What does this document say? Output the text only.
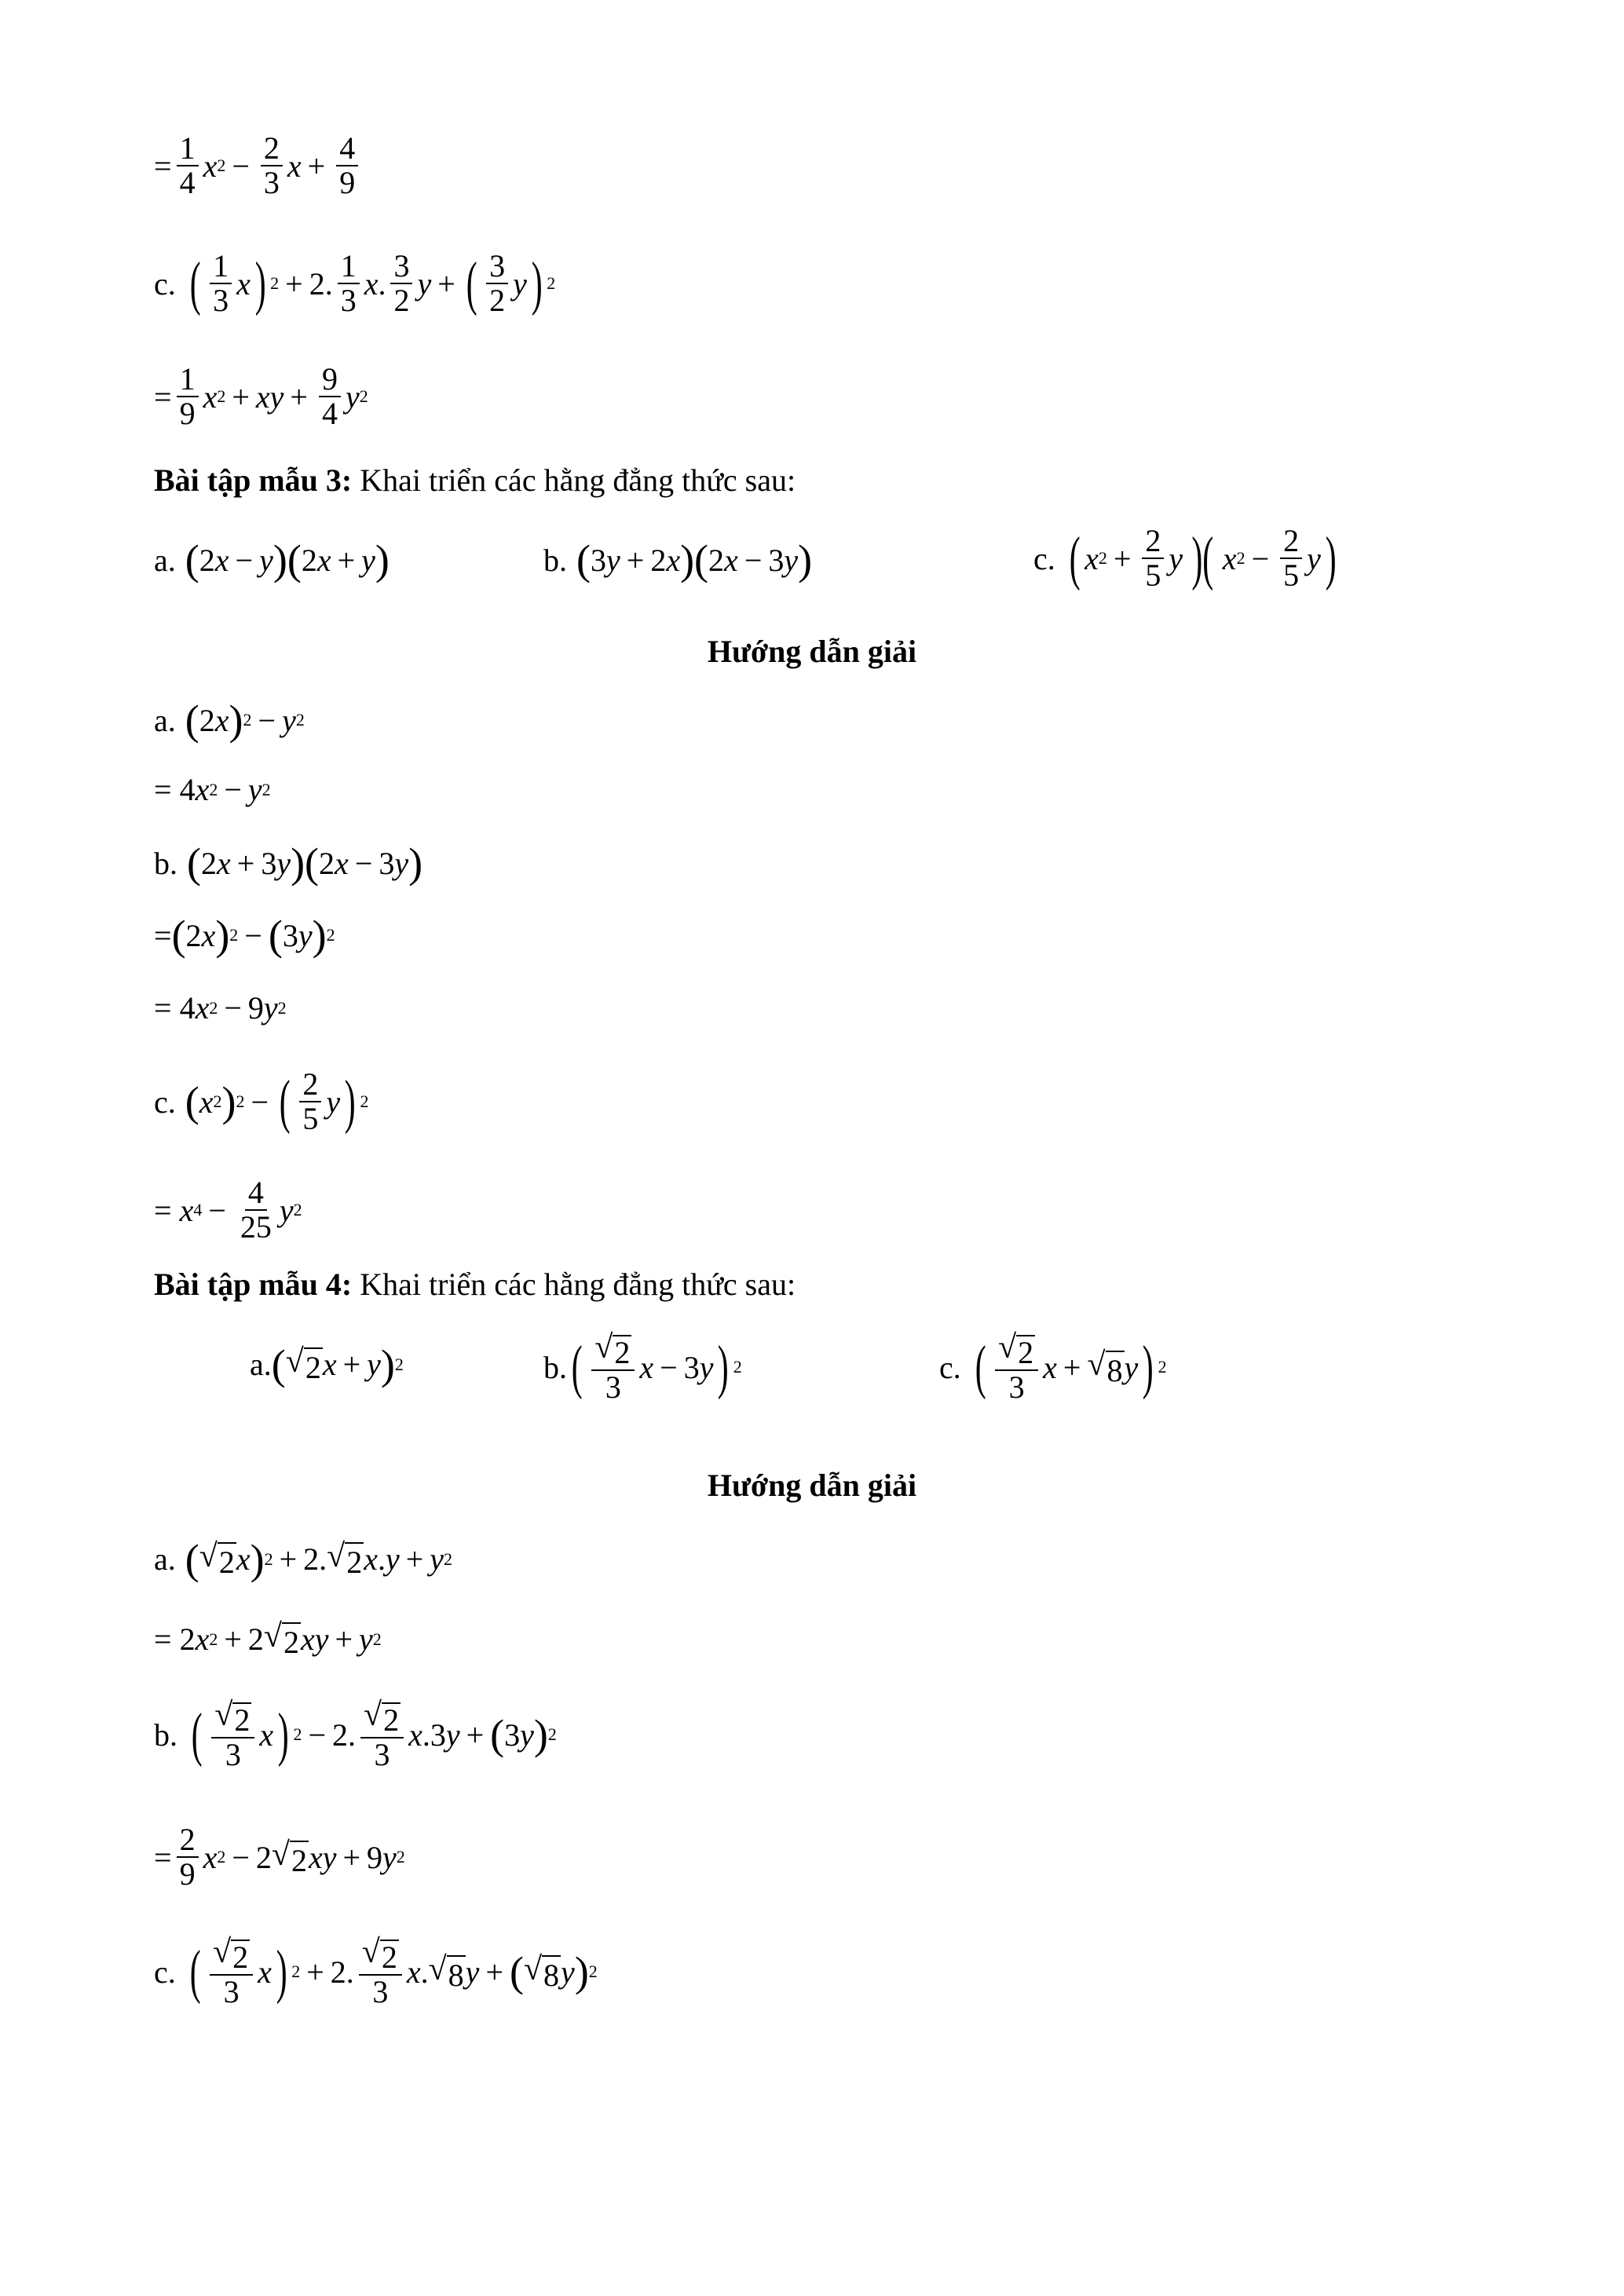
= $\frac{1}{4}$ x $2 - \frac{2}{3}$ $x + \frac{4}{9}$
c. ( $\frac{1}{3}$ x ) 2 + 2. $\frac{1}{3}$ x . $\frac{3}{2}$ y + ( $\frac{3}{2}$ y ) 2
= $\frac{1}{9}$ x 2 + xy + $\frac{9}{4}$ y 2
Bài tập mẫu 3:
Khai triển các hằng đẳng thức sau:
a. ( 2 x − y )( 2 x + y )	b. ( 3 y + 2 x )( 2 x − 3 y )	c. ( x $2 + \frac{2}{5}$ y )( x $2 - \frac{2}{5}$ y )
Hướng dẫn giải
a. ( 2 x ) 2 − y 2
= 4 x 2 − y 2
b. ( 2 x + 3 y )( 2 x − 3 y )
= ( 2 x ) 2 − ( 3 y ) 2
= 4 x 2 − 9 y 2
c. ( x 2 ) 2 − ( $\frac{2}{5}$ y ) 2
=
x $4 - \frac{4}{25}$ y 2
Bài tập mẫu 4:
Khai triển các hằng đẳng thức sau:
a. ( √ 2 x + y ) 2	b. ( $\frac{√ 2}{3}$ x − 3 y ) 2	c. ( $\frac{√ 2}{3}$ x + √ 8 y ) 2
Hướng dẫn giải
a. ( √ 2 x ) 2 + 2. √ 2 x . y + y 2
= 2 x 2 + 2 √ 2 xy + y 2
b. ( $\frac{√ 2}{3}$ x ) 2 − 2. $\frac{√ 2}{3}$ x .3 y + ( 3 y ) 2
= $\frac{2}{9}$ x 2 − 2 √ 2 xy + 9 y 2
c. ( $\frac{√ 2}{3}$ x ) 2 + 2. $\frac{√ 2}{3}$ x . √ 8 y + ( √ 8 y ) 2
